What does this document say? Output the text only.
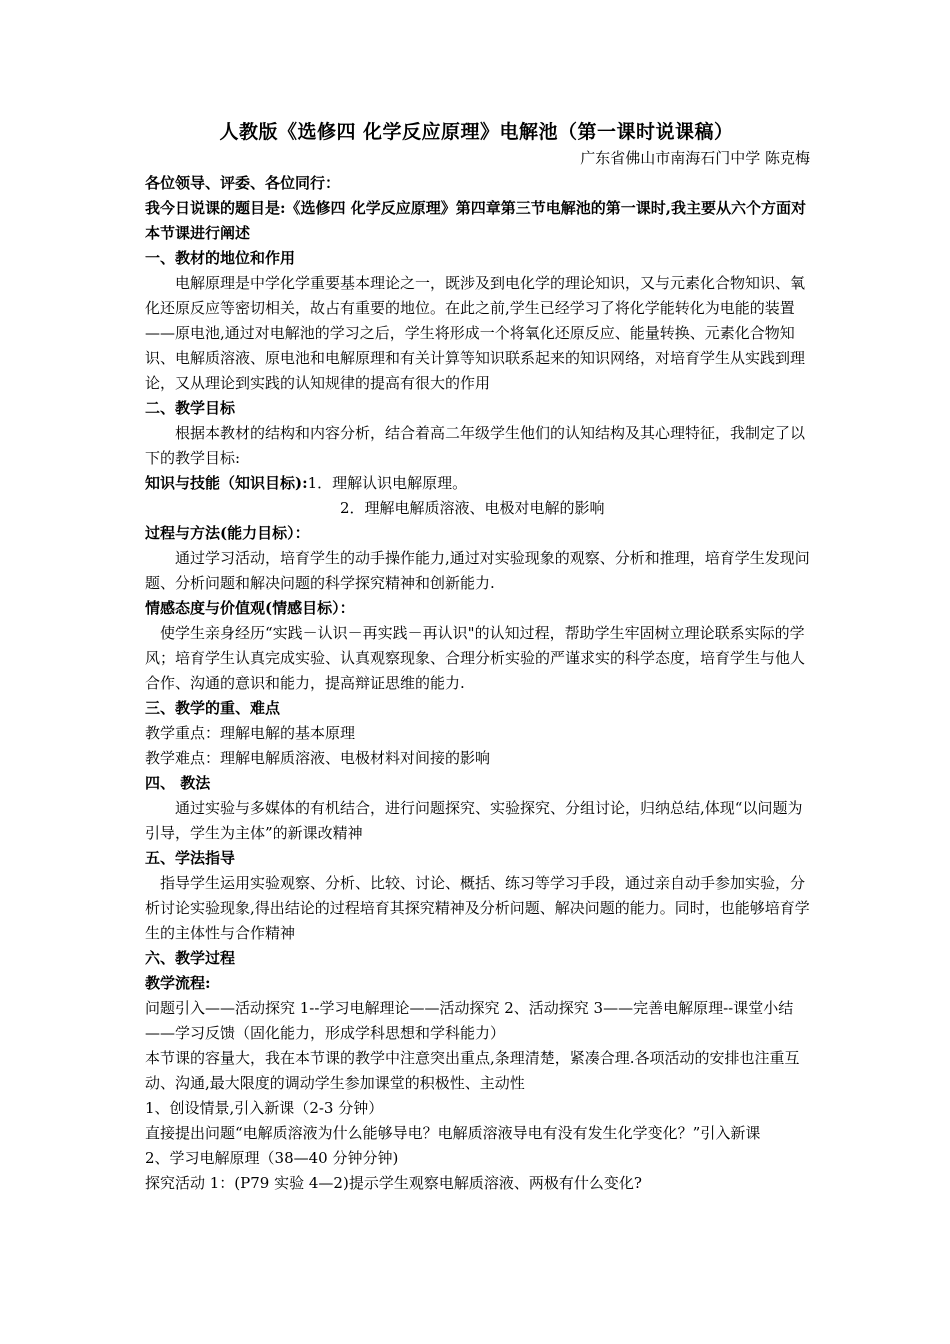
人教版《选修四 化学反应原理》电解池（第一课时说课稿）

广东省佛山市南海石门中学 陈克梅

各位领导、评委、各位同行：

我今日说课的题目是:《选修四 化学反应原理》第四章第三节电解池的第一课时,我主要从六个方面对本节课进行阐述

一、教材的地位和作用

电解原理是中学化学重要基本理论之一，既涉及到电化学的理论知识，又与元素化合物知识、氧化还原反应等密切相关，故占有重要的地位。在此之前,学生已经学习了将化学能转化为电能的装置——原电池,通过对电解池的学习之后，学生将形成一个将氧化还原反应、能量转换、元素化合物知识、电解质溶液、原电池和电解原理和有关计算等知识联系起来的知识网络，对培育学生从实践到理论，又从理论到实践的认知规律的提高有很大的作用

二、教学目标

根据本教材的结构和内容分析，结合着高二年级学生他们的认知结构及其心理特征，我制定了以下的教学目标:

知识与技能（知识目标):1．理解认识电解原理。

2．理解电解质溶液、电极对电解的影响

过程与方法(能力目标）：

通过学习活动，培育学生的动手操作能力,通过对实验现象的观察、分析和推理，培育学生发现问题、分析问题和解决问题的科学探究精神和创新能力.

情感态度与价值观(情感目标）：

使学生亲身经历“实践－认识－再实践－再认识"的认知过程，帮助学生牢固树立理论联系实际的学风；培育学生认真完成实验、认真观察现象、合理分析实验的严谨求实的科学态度，培育学生与他人合作、沟通的意识和能力，提高辩证思维的能力.

三、教学的重、难点

教学重点：理解电解的基本原理

教学难点：理解电解质溶液、电极材料对间接的影响

四、 教法

通过实验与多媒体的有机结合，进行问题探究、实验探究、分组讨论，归纳总结,体现“以问题为引导，学生为主体”的新课改精神

五、学法指导

指导学生运用实验观察、分析、比较、讨论、概括、练习等学习手段，通过亲自动手参加实验，分析讨论实验现象,得出结论的过程培育其探究精神及分析问题、解决问题的能力。同时，也能够培育学生的主体性与合作精神

六、教学过程

教学流程:

问题引入——活动探究 1--学习电解理论——活动探究 2、活动探究 3——完善电解原理--课堂小结——学习反馈（固化能力，形成学科思想和学科能力）

本节课的容量大，我在本节课的教学中注意突出重点,条理清楚，紧凑合理.各项活动的安排也注重互动、沟通,最大限度的调动学生参加课堂的积极性、主动性

1、创设情景,引入新课（2-3 分钟）

直接提出问题“电解质溶液为什么能够导电？电解质溶液导电有没有发生化学变化？”引入新课

2、学习电解原理（38—40 分钟分钟)

探究活动 1：(P79 实验 4—2)提示学生观察电解质溶液、两极有什么变化?
